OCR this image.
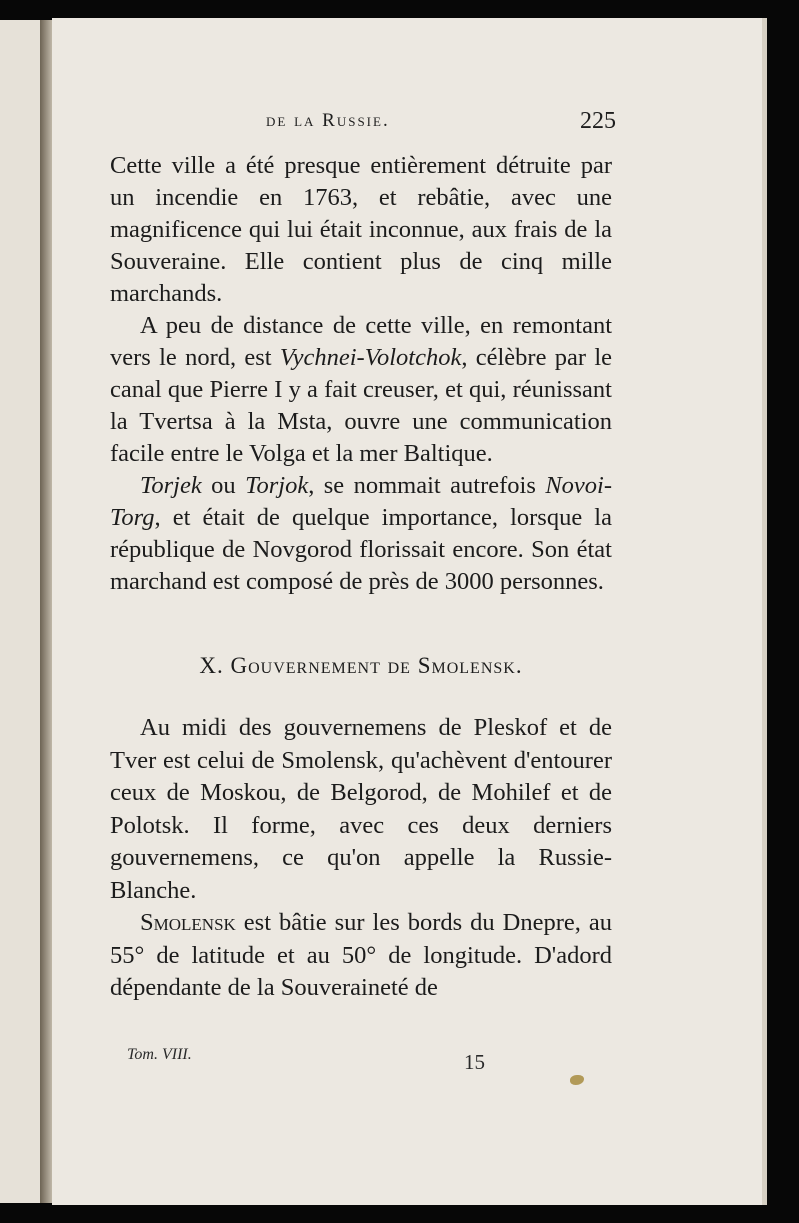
de la Russie.	225

Cette ville a été presque entièrement détruite par un incendie en 1763, et rebâtie, avec une magnificence qui lui était inconnue, aux frais de la Souveraine. Elle contient plus de cinq mille marchands.

A peu de distance de cette ville, en remontant vers le nord, est Vychnei-Volotchok, célèbre par le canal que Pierre I y a fait creuser, et qui, réunissant la Tvertsa à la Msta, ouvre une communication facile entre le Volga et la mer Baltique.

Torjek ou Torjok, se nommait autrefois Novoi-Torg, et était de quelque importance, lorsque la république de Novgorod florissait encore. Son état marchand est composé de près de 3000 personnes.

X. Gouvernement de Smolensk.

Au midi des gouvernemens de Pleskof et de Tver est celui de Smolensk, qu'achèvent d'entourer ceux de Moskou, de Belgorod, de Mohilef et de Polotsk. Il forme, avec ces deux derniers gouvernemens, ce qu'on appelle la Russie-Blanche.

Smolensk est bâtie sur les bords du Dnepre, au 55° de latitude et au 50° de longitude. D'adord dépendante de la Souveraineté de

Tom. VIII.	15
